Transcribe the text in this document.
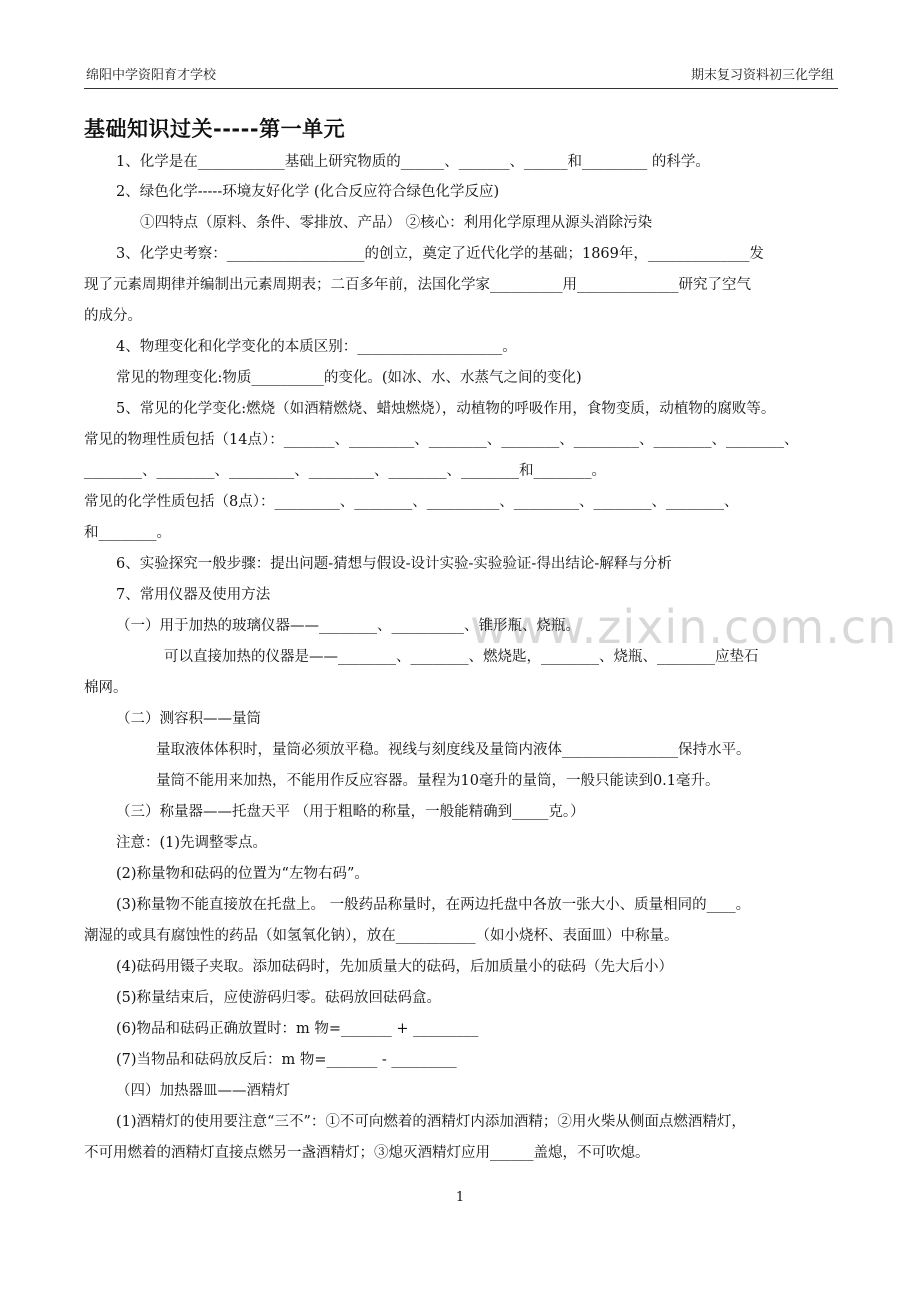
绵阳中学资阳育才学校	期末复习资料初三化学组
基础知识过关-----第一单元
www.zixin.com.cn
1、化学是在____________基础上研究物质的______、_______、______和_________ 的科学。
2、绿色化学-----环境友好化学 (化合反应符合绿色化学反应)
①四特点（原料、条件、零排放、产品） ②核心：利用化学原理从源头消除污染
3、化学史考察：___________________的创立，奠定了近代化学的基础；1869年，______________发
现了元素周期律并编制出元素周期表；二百多年前，法国化学家__________用______________研究了空气
的成分。
4、物理变化和化学变化的本质区别：____________________。
常见的物理变化:物质__________的变化。(如冰、水、水蒸气之间的变化)
5、常见的化学变化:燃烧（如酒精燃烧、蜡烛燃烧），动植物的呼吸作用，食物变质，动植物的腐败等。
常见的物理性质包括（14点）：_______、_________、________、________、_________、________、________、
________、________、_________、_________、________、________和________。
常见的化学性质包括（8点）：_________、________、__________、_________、________、________、
和________。
6、实验探究一般步骤：提出问题-猜想与假设-设计实验-实验验证-得出结论-解释与分析
7、常用仪器及使用方法
（一）用于加热的玻璃仪器——________、__________、锥形瓶、烧瓶。
可以直接加热的仪器是——________、________、燃烧匙，________、烧瓶、________应垫石
棉网。
（二）测容积——量筒
量取液体体积时，量筒必须放平稳。视线与刻度线及量筒内液体________________保持水平。
量筒不能用来加热，不能用作反应容器。量程为10毫升的量筒，一般只能读到0.1毫升。
（三）称量器——托盘天平 （用于粗略的称量，一般能精确到_____克。）
注意：(1)先调整零点。
(2)称量物和砝码的位置为“左物右码”。
(3)称量物不能直接放在托盘上。 一般药品称量时，在两边托盘中各放一张大小、质量相同的____。
潮湿的或具有腐蚀性的药品（如氢氧化钠），放在___________（如小烧杯、表面皿）中称量。
(4)砝码用镊子夹取。添加砝码时，先加质量大的砝码，后加质量小的砝码（先大后小）
(5)称量结束后，应使游码归零。砝码放回砝码盒。
(6)物品和砝码正确放置时：m 物=_______ + _________
(7)当物品和砝码放反后：m 物=_______ - _________
（四）加热器皿——酒精灯
(1)酒精灯的使用要注意“三不”：①不可向燃着的酒精灯内添加酒精；②用火柴从侧面点燃酒精灯，
不可用燃着的酒精灯直接点燃另一盏酒精灯；③熄灭酒精灯应用______盖熄，不可吹熄。
1
